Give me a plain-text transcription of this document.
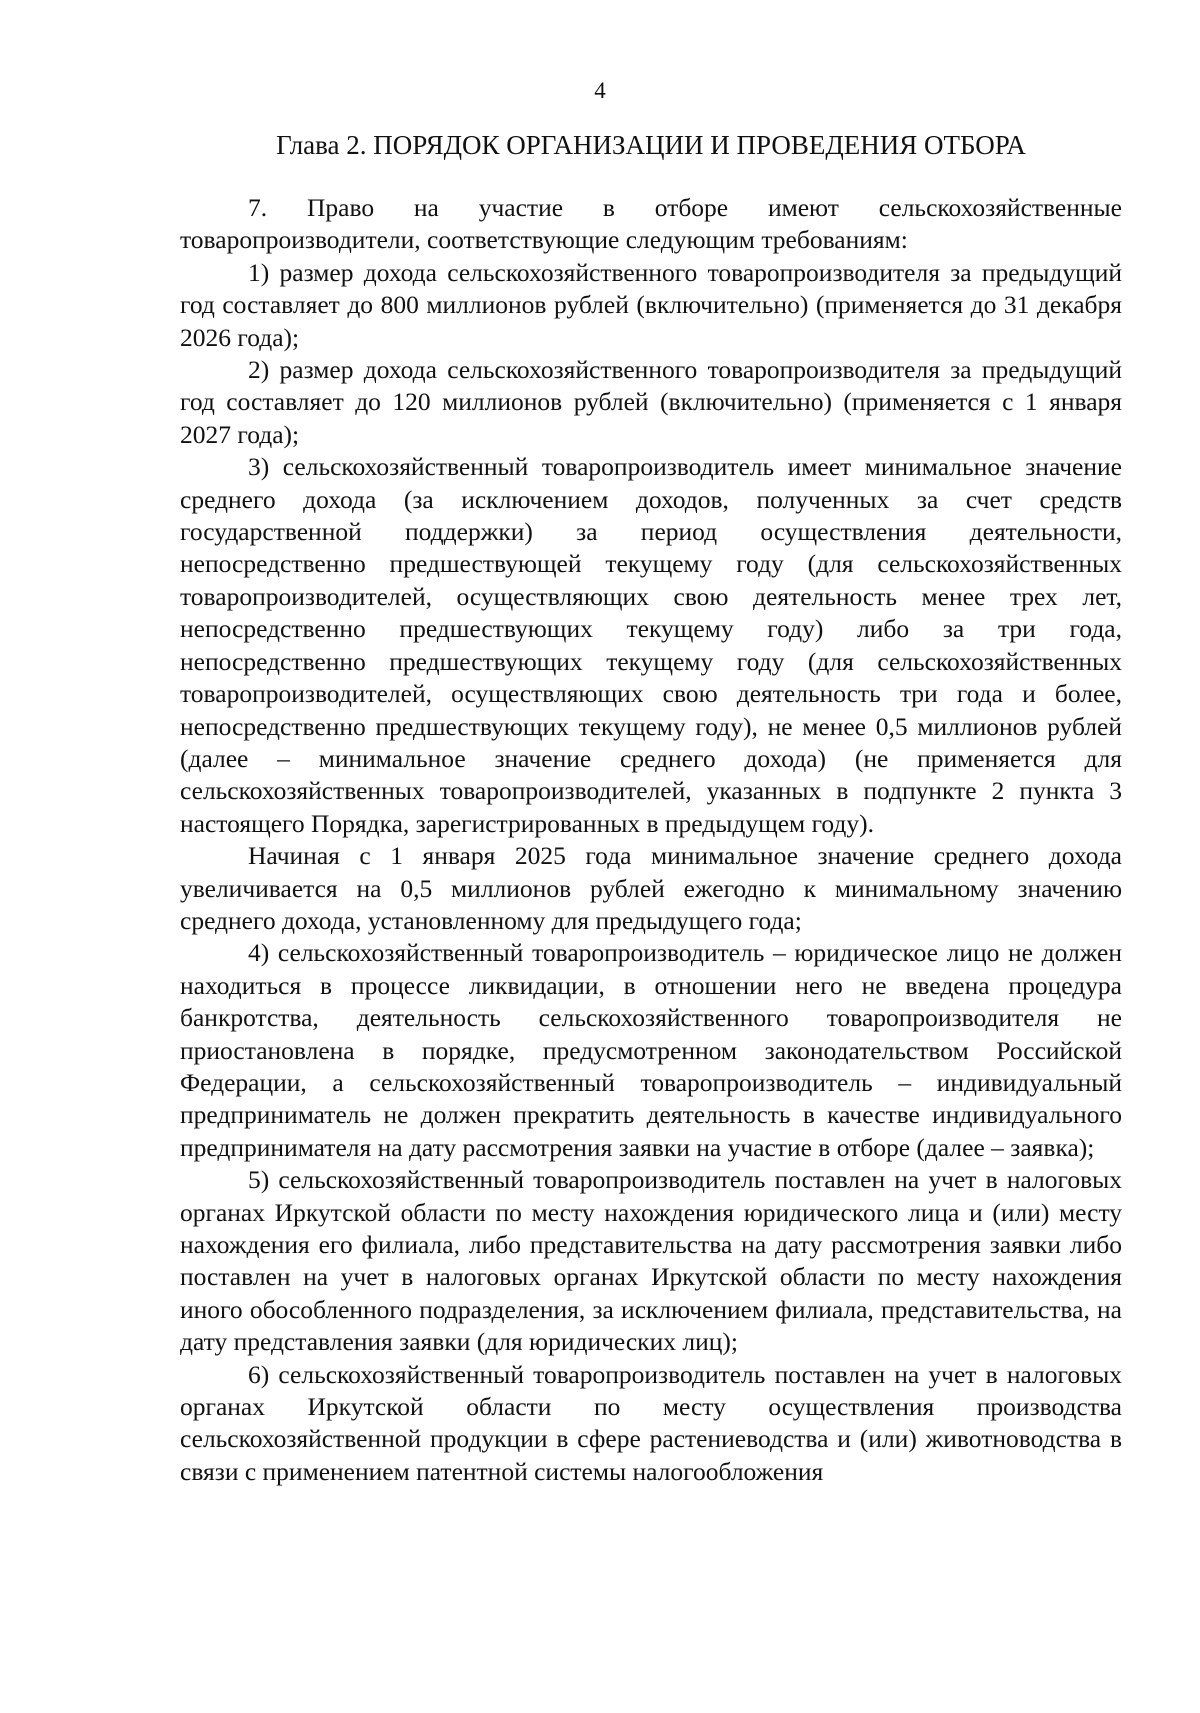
4
Глава 2. ПОРЯДОК ОРГАНИЗАЦИИ И ПРОВЕДЕНИЯ ОТБОРА

7. Право на участие в отборе имеют сельскохозяйственные товаропроизводители, соответствующие следующим требованиям:

1) размер дохода сельскохозяйственного товаропроизводителя за предыдущий год составляет до 800 миллионов рублей (включительно) (применяется до 31 декабря 2026 года);

2) размер дохода сельскохозяйственного товаропроизводителя за предыдущий год составляет до 120 миллионов рублей (включительно) (применяется с 1 января 2027 года);

3) сельскохозяйственный товаропроизводитель имеет минимальное значение среднего дохода (за исключением доходов, полученных за счет средств государственной поддержки) за период осуществления деятельности, непосредственно предшествующей текущему году (для сельскохозяйственных товаропроизводителей, осуществляющих свою деятельность менее трех лет, непосредственно предшествующих текущему году) либо за три года, непосредственно предшествующих текущему году (для сельскохозяйственных товаропроизводителей, осуществляющих свою деятельность три года и более, непосредственно предшествующих текущему году), не менее 0,5 миллионов рублей (далее – минимальное значение среднего дохода) (не применяется для сельскохозяйственных товаропроизводителей, указанных в подпункте 2 пункта 3 настоящего Порядка, зарегистрированных в предыдущем году).

Начиная с 1 января 2025 года минимальное значение среднего дохода увеличивается на 0,5 миллионов рублей ежегодно к минимальному значению среднего дохода, установленному для предыдущего года;

4) сельскохозяйственный товаропроизводитель – юридическое лицо не должен находиться в процессе ликвидации, в отношении него не введена процедура банкротства, деятельность сельскохозяйственного товаропроизводителя не приостановлена в порядке, предусмотренном законодательством Российской Федерации, а сельскохозяйственный товаропроизводитель – индивидуальный предприниматель не должен прекратить деятельность в качестве индивидуального предпринимателя на дату рассмотрения заявки на участие в отборе (далее – заявка);

5) сельскохозяйственный товаропроизводитель поставлен на учет в налоговых органах Иркутской области по месту нахождения юридического лица и (или) месту нахождения его филиала, либо представительства на дату рассмотрения заявки либо поставлен на учет в налоговых органах Иркутской области по месту нахождения иного обособленного подразделения, за исключением филиала, представительства, на дату представления заявки (для юридических лиц);

6) сельскохозяйственный товаропроизводитель поставлен на учет в налоговых органах Иркутской области по месту осуществления производства сельскохозяйственной продукции в сфере растениеводства и (или) животноводства в связи с применением патентной системы налогообложения
